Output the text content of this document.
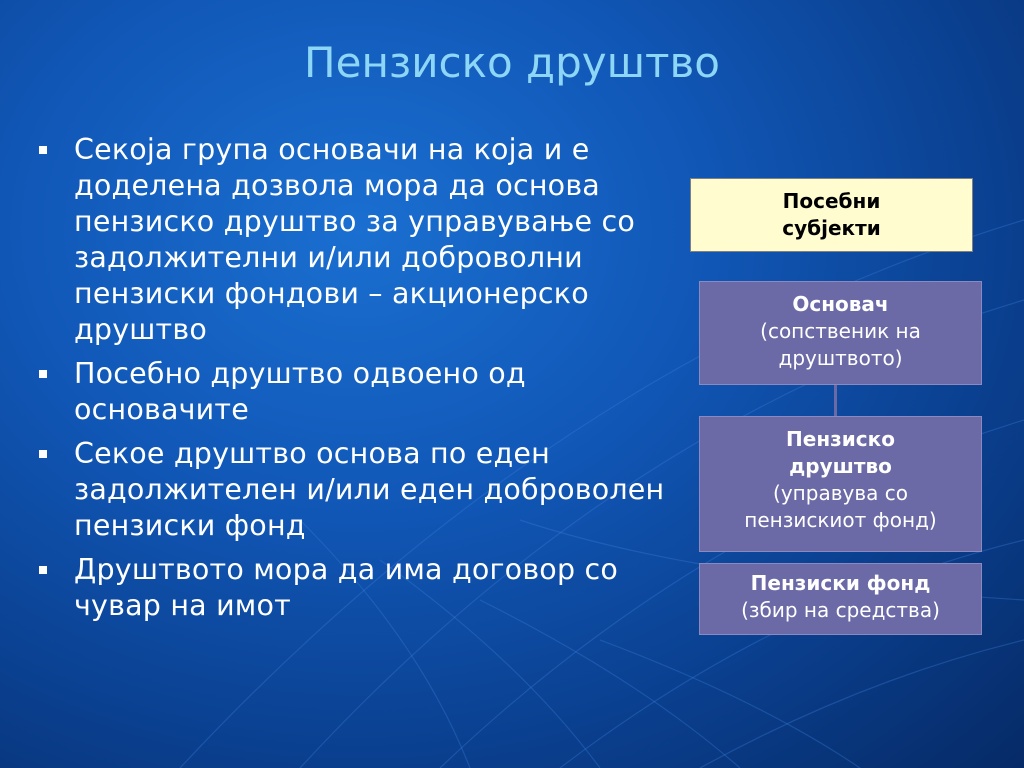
Пензиско друштво
Секоја група основачи на која и е доделена дозвола мора да основа пензиско друштво за управување со задолжителни и/или доброволни пензиски фондови – акционерско друштво
Посебно друштво одвоено од основачите
Секое друштво основа по еден задолжителен и/или еден доброволен пензиски фонд
Друштвото мора да има договор со чувар на имот
Посебни
субјекти
Основач
(сопственик на
друштвото)
Пензиско
друштво
(управува со
пензискиот фонд)
Пензиски фонд
(збир на средства)
